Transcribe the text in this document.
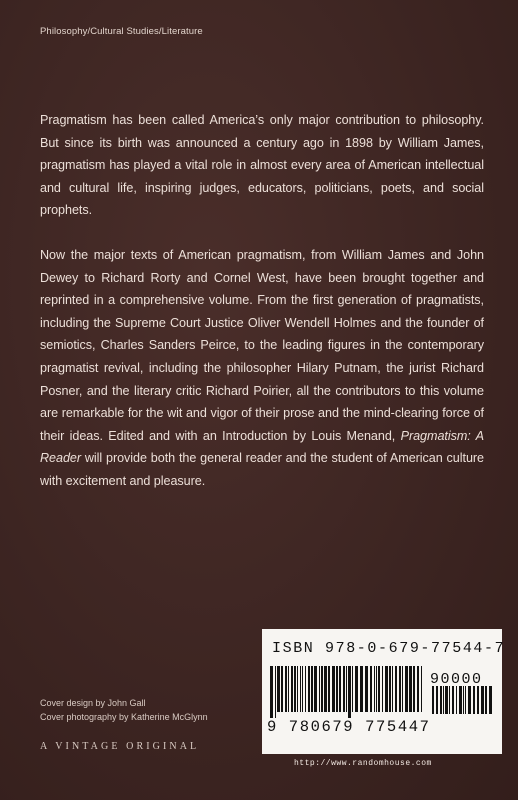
Philosophy/Cultural Studies/Literature

Pragmatism has been called America’s only major contribution to philosophy. But since its birth was announced a century ago in 1898 by William James, pragmatism has played a vital role in almost every area of American intellectual and cultural life, inspiring judges, educators, politicians, poets, and social prophets.

Now the major texts of American pragmatism, from William James and John Dewey to Richard Rorty and Cornel West, have been brought together and reprinted in a comprehensive volume. From the first generation of pragmatists, including the Supreme Court Justice Oliver Wendell Holmes and the founder of semiotics, Charles Sanders Peirce, to the leading figures in the contemporary pragmatist revival, including the philosopher Hilary Putnam, the jurist Richard Posner, and the literary critic Richard Poirier, all the contributors to this volume are remarkable for the wit and vigor of their prose and the mind-clearing force of their ideas. Edited and with an Introduction by Louis Menand, Pragmatism: A Reader will provide both the general reader and the student of American culture with excitement and pleasure.

Cover design by John Gall
Cover photography by Katherine McGlynn
A VINTAGE ORIGINAL
ISBN 978-0-679-77544-7
90000
9 780679 775447
http://www.randomhouse.com
